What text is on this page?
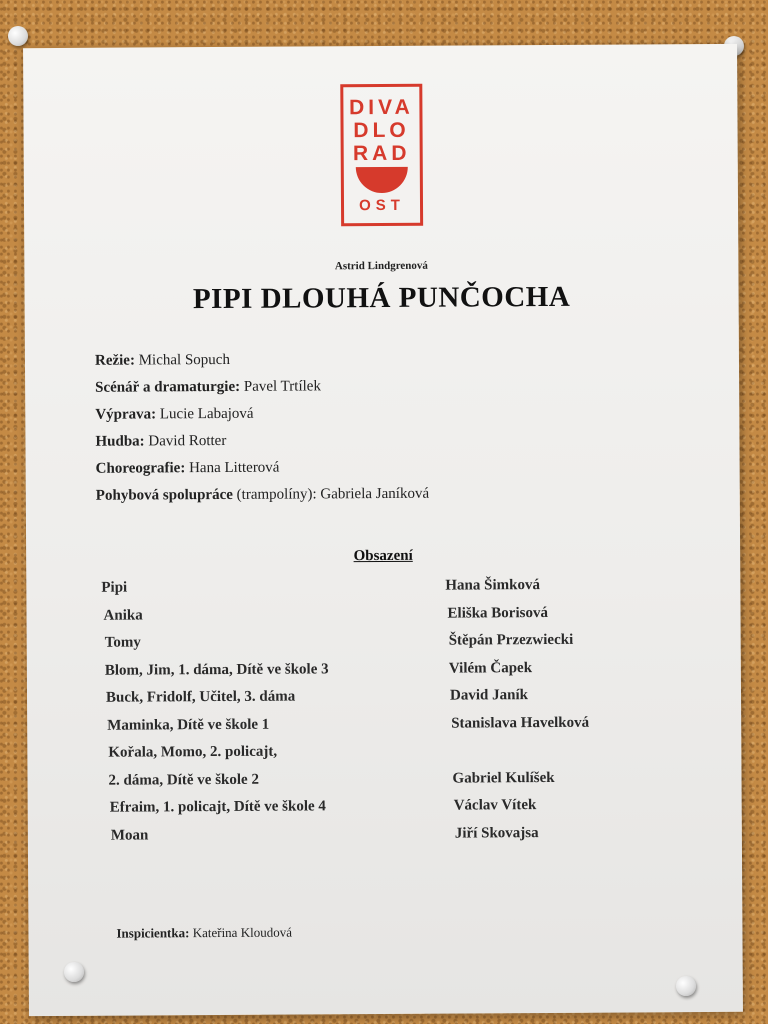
DIVA
DLO
RAD
OST
Astrid Lindgrenová
PIPI DLOUHÁ PUNČOCHA
Režie: Michal Sopuch
Scénář a dramaturgie: Pavel Trtílek
Výprava: Lucie Labajová
Hudba: David Rotter
Choreografie: Hana Litterová
Pohybová spolupráce (trampolíny): Gabriela Janíková
Obsazení
Pipi	Hana Šimková
Anika	Eliška Borisová
Tomy	Štěpán Przezwiecki
Blom, Jim, 1. dáma, Dítě ve škole 3	Vilém Čapek
Buck, Fridolf, Učitel, 3. dáma	David Janík
Maminka, Dítě ve škole 1	Stanislava Havelková
Kořala, Momo, 2. policajt,
2. dáma, Dítě ve škole 2	Gabriel Kulíšek
Efraim, 1. policajt, Dítě ve škole 4	Václav Vítek
Moan	Jiří Skovajsa
Inspicientka: Kateřina Kloudová
